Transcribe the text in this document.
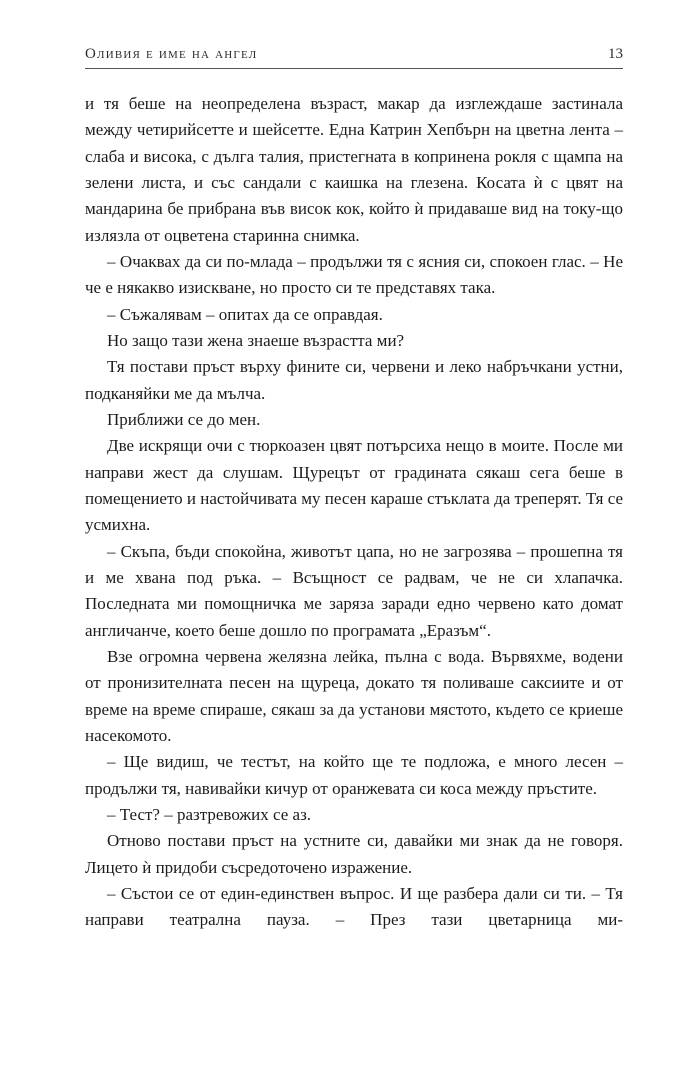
Оливия е име на ангел	13

и тя беше на неопределена възраст, макар да изглеждаше застинала между четирийсетте и шейсетте. Една Катрин Хепбърн на цветна лента – слаба и висока, с дълга талия, пристегната в копринена рокля с щампа на зелени листа, и със сандали с каишка на глезена. Косата ѝ с цвят на мандарина бе прибрана във висок кок, който ѝ придаваше вид на току-що излязла от оцветена старинна снимка.

– Очаквах да си по-млада – продължи тя с ясния си, спокоен глас. – Не че е някакво изискване, но просто си те представях така.

– Съжалявам – опитах да се оправдая.

Но защо тази жена знаеше възрастта ми?

Тя постави пръст върху фините си, червени и леко набръчкани устни, подканяйки ме да мълча.

Приближи се до мен.

Две искрящи очи с тюркоазен цвят потърсиха нещо в моите. После ми направи жест да слушам. Щурецът от градината сякаш сега беше в помещението и настойчивата му песен караше стъклата да треперят. Тя се усмихна.

– Скъпа, бъди спокойна, животът цапа, но не загрозява – прошепна тя и ме хвана под ръка. – Всъщност се радвам, че не си хлапачка. Последната ми помощничка ме заряза заради едно червено като домат англичанче, което беше дошло по програмата „Еразъм“.

Взе огромна червена желязна лейка, пълна с вода. Вървяхме, водени от пронизителната песен на щуреца, докато тя поливаше саксиите и от време на време спираше, сякаш за да установи мястото, където се криеше насекомото.

– Ще видиш, че тестът, на който ще те подложа, е много лесен – продължи тя, навивайки кичур от оранжевата си коса между пръстите.

– Тест? – разтревожих се аз.

Отново постави пръст на устните си, давайки ми знак да не говоря. Лицето ѝ придоби съсредоточено изражение.

– Състои се от един-единствен въпрос. И ще разбера дали си ти. – Тя направи театрална пауза. – През тази цветарница ми-
